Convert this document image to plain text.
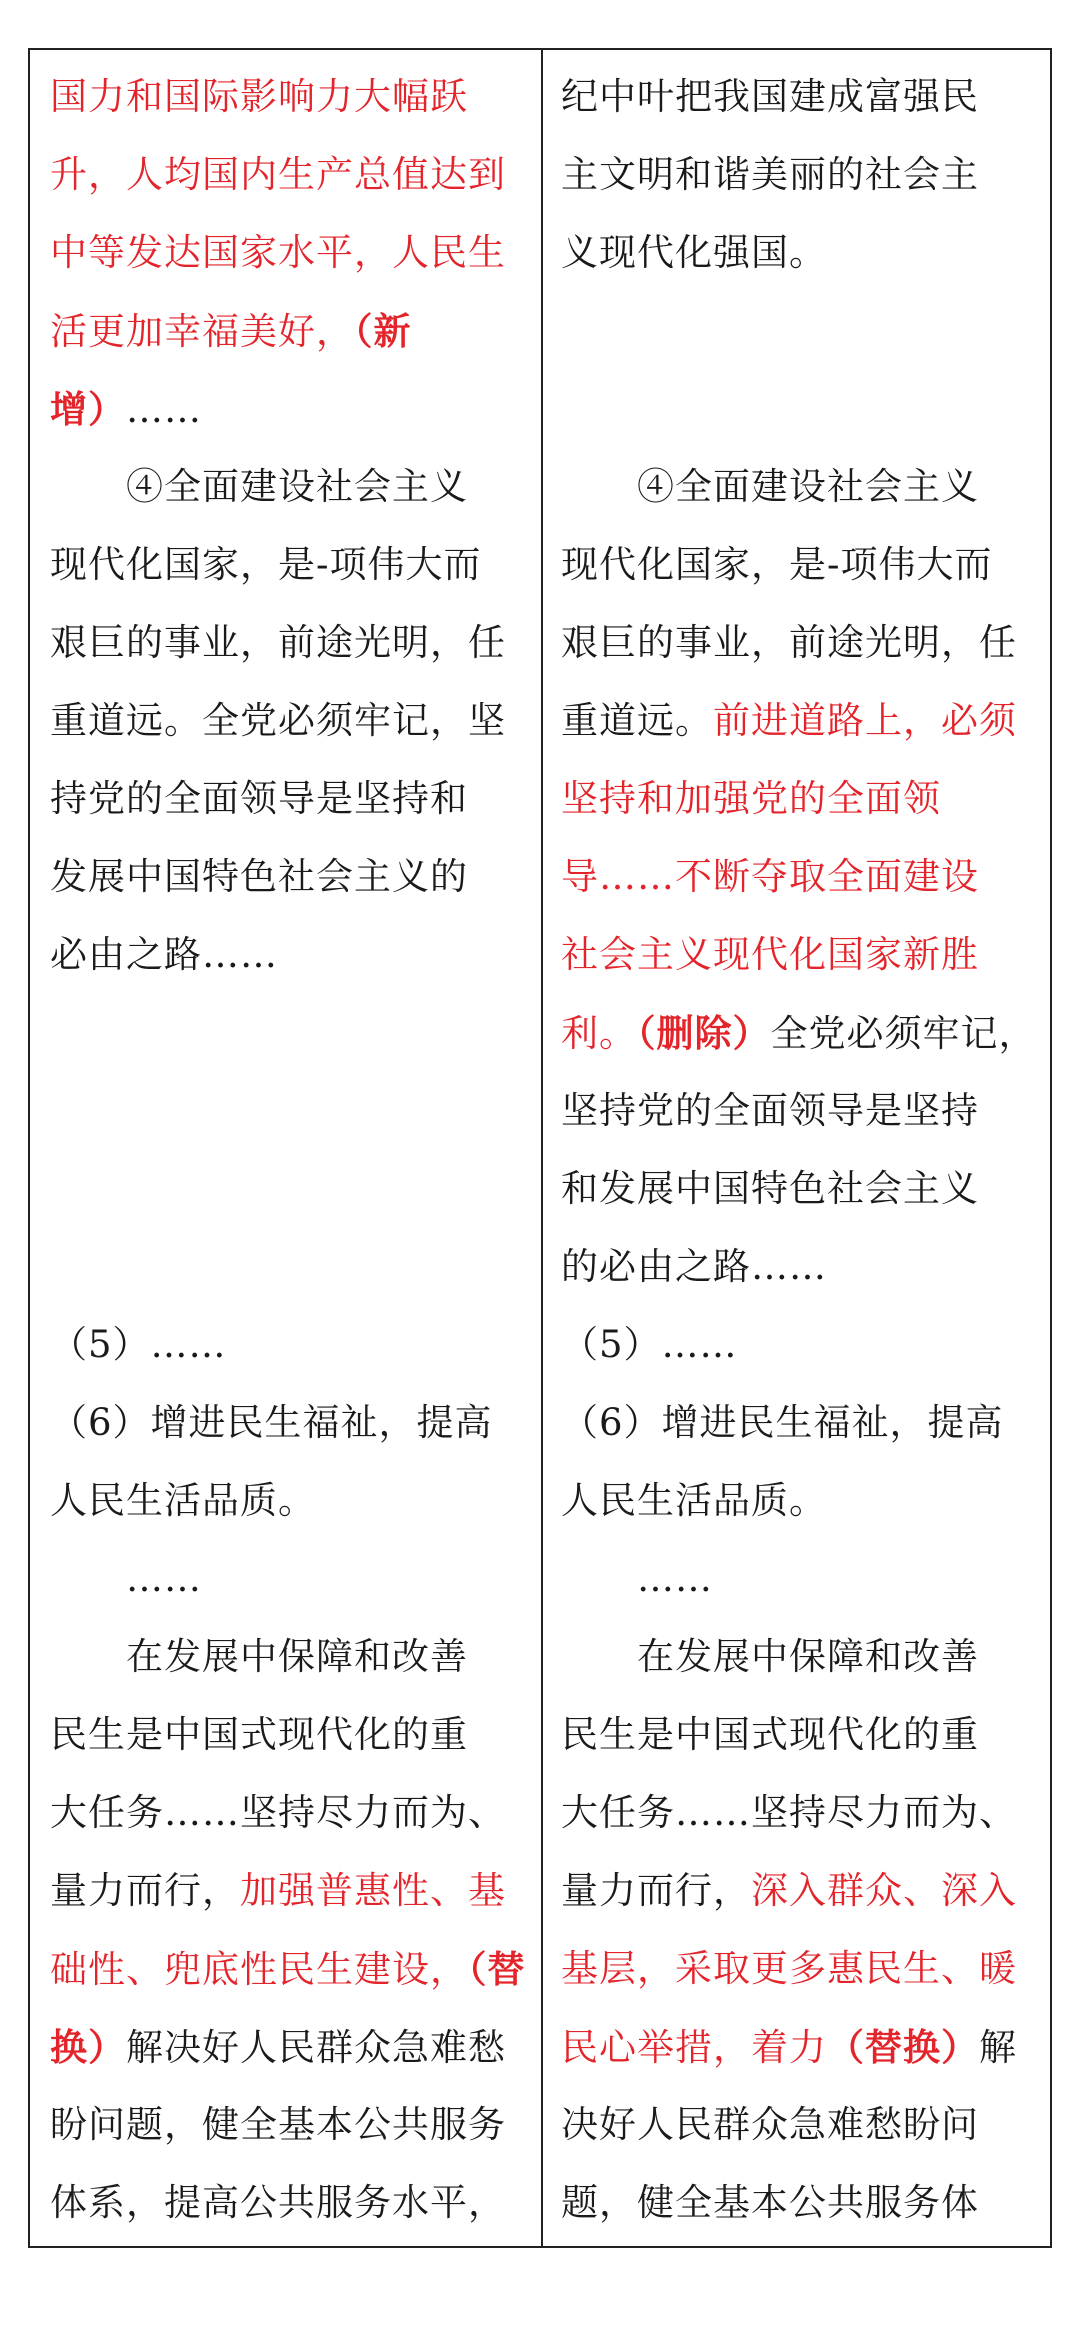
国力和国际影响力大幅跃
升，人均国内生产总值达到
中等发达国家水平，人民生
活更加幸福美好，（新
增）……
　　④全面建设社会主义
现代化国家，是-项伟大而
艰巨的事业，前途光明，任
重道远。全党必须牢记，坚
持党的全面领导是坚持和
发展中国特色社会主义的
必由之路……
（5）……
（6）增进民生福祉，提高
人民生活品质。
　　……
　　在发展中保障和改善
民生是中国式现代化的重
大任务……坚持尽力而为、
量力而行，加强普惠性、基
础性、兜底性民生建设，（替
换）解决好人民群众急难愁
盼问题，健全基本公共服务
体系，提高公共服务水平，
纪中叶把我国建成富强民
主文明和谐美丽的社会主
义现代化强国。
　　④全面建设社会主义
现代化国家，是-项伟大而
艰巨的事业，前途光明，任
重道远。前进道路上，必须
坚持和加强党的全面领
导……不断夺取全面建设
社会主义现代化国家新胜
利。（删除）全党必须牢记，
坚持党的全面领导是坚持
和发展中国特色社会主义
的必由之路……
（5）……
（6）增进民生福祉，提高
人民生活品质。
　　……
　　在发展中保障和改善
民生是中国式现代化的重
大任务……坚持尽力而为、
量力而行，深入群众、深入
基层，采取更多惠民生、暖
民心举措，着力（替换）解
决好人民群众急难愁盼问
题，健全基本公共服务体
